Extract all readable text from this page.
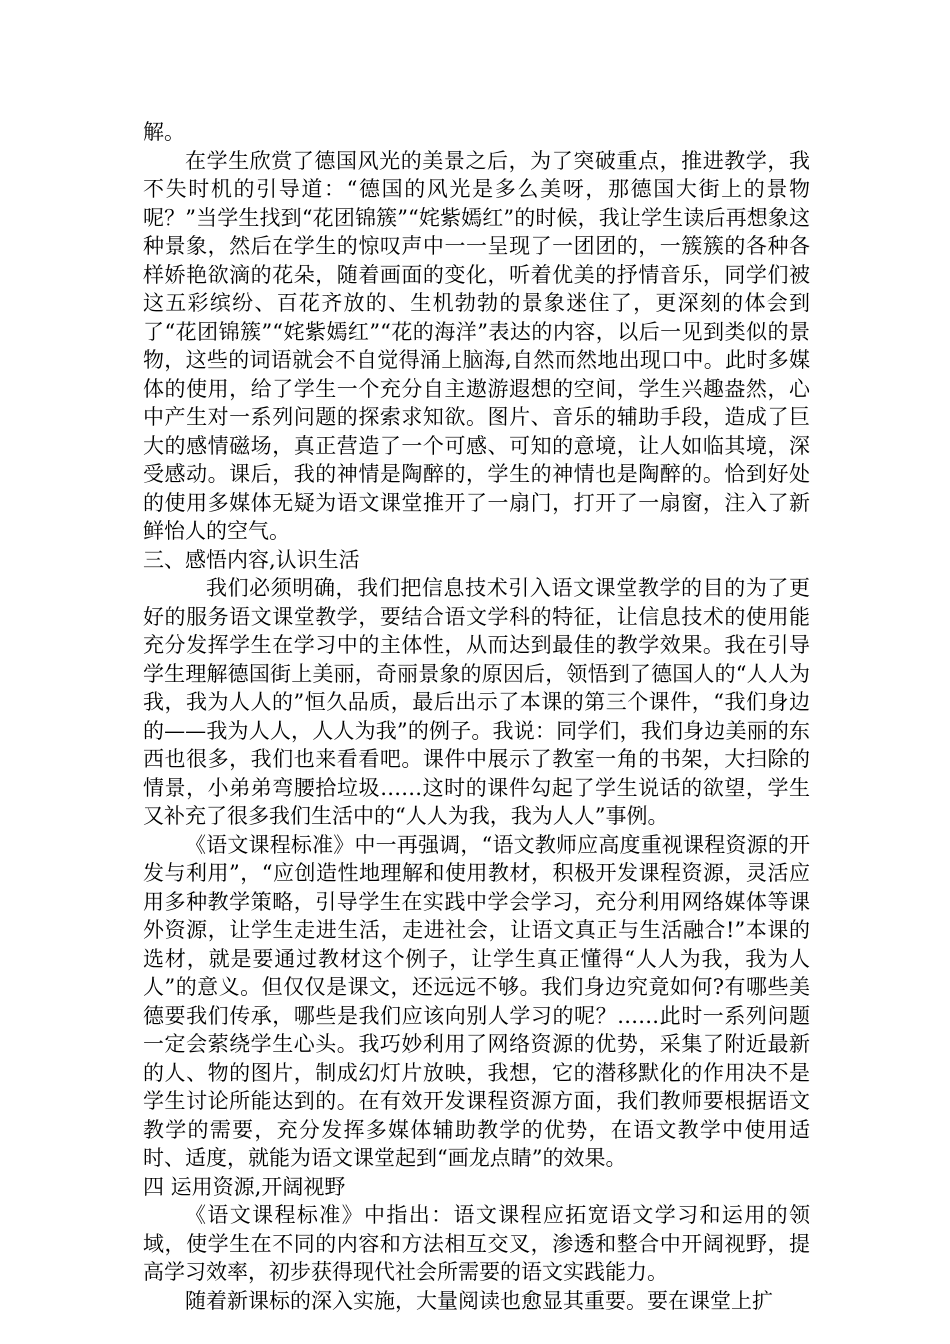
解。

在学生欣赏了德国风光的美景之后，为了突破重点，推进教学，我不失时机的引导道：“德国的风光是多么美呀，那德国大街上的景物呢？”当学生找到“花团锦簇”“姹紫嫣红”的时候，我让学生读后再想象这种景象，然后在学生的惊叹声中一一呈现了一团团的，一簇簇的各种各样娇艳欲滴的花朵，随着画面的变化，听着优美的抒情音乐，同学们被这五彩缤纷、百花齐放的、生机勃勃的景象迷住了，更深刻的体会到了“花团锦簇”“姹紫嫣红”“花的海洋”表达的内容，以后一见到类似的景物，这些的词语就会不自觉得涌上脑海,自然而然地出现口中。此时多媒体的使用，给了学生一个充分自主遨游遐想的空间，学生兴趣盎然，心中产生对一系列问题的探索求知欲。图片、音乐的辅助手段，造成了巨大的感情磁场，真正营造了一个可感、可知的意境，让人如临其境，深受感动。课后，我的神情是陶醉的，学生的神情也是陶醉的。恰到好处的使用多媒体无疑为语文课堂推开了一扇门，打开了一扇窗，注入了新鲜怡人的空气。

三、感悟内容,认识生活

我们必须明确，我们把信息技术引入语文课堂教学的目的为了更好的服务语文课堂教学，要结合语文学科的特征，让信息技术的使用能充分发挥学生在学习中的主体性，从而达到最佳的教学效果。我在引导学生理解德国街上美丽，奇丽景象的原因后，领悟到了德国人的“人人为我，我为人人的”恒久品质，最后出示了本课的第三个课件，“我们身边的——我为人人，人人为我”的例子。我说：同学们，我们身边美丽的东西也很多，我们也来看看吧。课件中展示了教室一角的书架，大扫除的情景，小弟弟弯腰拾垃圾……这时的课件勾起了学生说话的欲望，学生又补充了很多我们生活中的“人人为我，我为人人”事例。

《语文课程标准》中一再强调，“语文教师应高度重视课程资源的开发与利用”，“应创造性地理解和使用教材，积极开发课程资源，灵活应用多种教学策略，引导学生在实践中学会学习，充分利用网络媒体等课外资源，让学生走进生活，走进社会，让语文真正与生活融合!”本课的选材，就是要通过教材这个例子，让学生真正懂得“人人为我，我为人人”的意义。但仅仅是课文，还远远不够。我们身边究竟如何?有哪些美德要我们传承，哪些是我们应该向别人学习的呢？……此时一系列问题一定会萦绕学生心头。我巧妙利用了网络资源的优势，采集了附近最新的人、物的图片，制成幻灯片放映，我想，它的潜移默化的作用决不是学生讨论所能达到的。在有效开发课程资源方面，我们教师要根据语文教学的需要，充分发挥多媒体辅助教学的优势，在语文教学中使用适时、适度，就能为语文课堂起到“画龙点睛”的效果。

四 运用资源,开阔视野

《语文课程标准》中指出：语文课程应拓宽语文学习和运用的领域，使学生在不同的内容和方法相互交叉，渗透和整合中开阔视野，提高学习效率，初步获得现代社会所需要的语文实践能力。

随着新课标的深入实施，大量阅读也愈显其重要。要在课堂上扩
